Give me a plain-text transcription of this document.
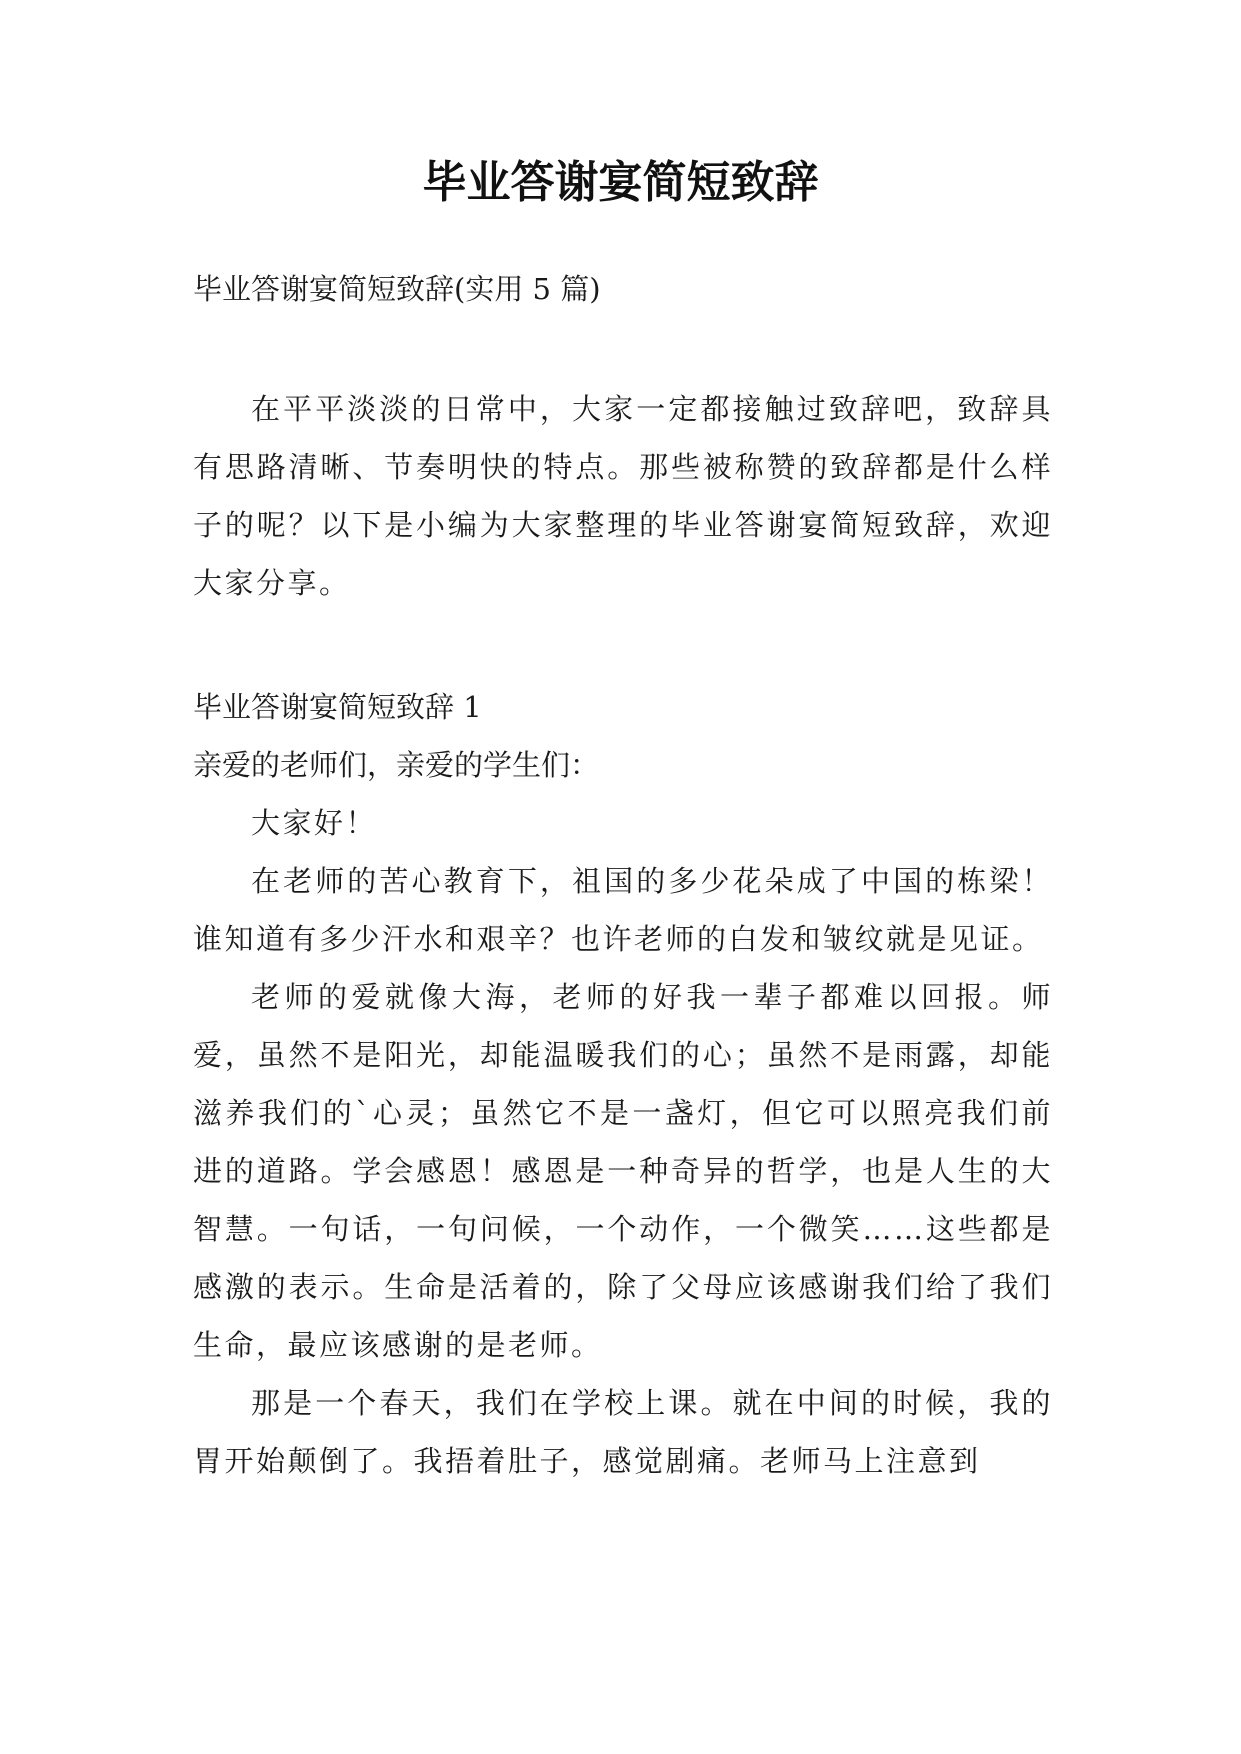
毕业答谢宴简短致辞

毕业答谢宴简短致辞(实用 5 篇)

在平平淡淡的日常中，大家一定都接触过致辞吧，致辞具有思路清晰、节奏明快的特点。那些被称赞的致辞都是什么样子的呢？以下是小编为大家整理的毕业答谢宴简短致辞，欢迎大家分享。

毕业答谢宴简短致辞 1

亲爱的老师们，亲爱的学生们：

大家好！

在老师的苦心教育下，祖国的多少花朵成了中国的栋梁！谁知道有多少汗水和艰辛？也许老师的白发和皱纹就是见证。

老师的爱就像大海，老师的好我一辈子都难以回报。师爱，虽然不是阳光，却能温暖我们的心；虽然不是雨露，却能滋养我们的`心灵；虽然它不是一盏灯，但它可以照亮我们前进的道路。学会感恩！感恩是一种奇异的哲学，也是人生的大智慧。一句话，一句问候，一个动作，一个微笑……这些都是感激的表示。生命是活着的，除了父母应该感谢我们给了我们生命，最应该感谢的是老师。

那是一个春天，我们在学校上课。就在中间的时候，我的胃开始颠倒了。我捂着肚子，感觉剧痛。老师马上注意到
